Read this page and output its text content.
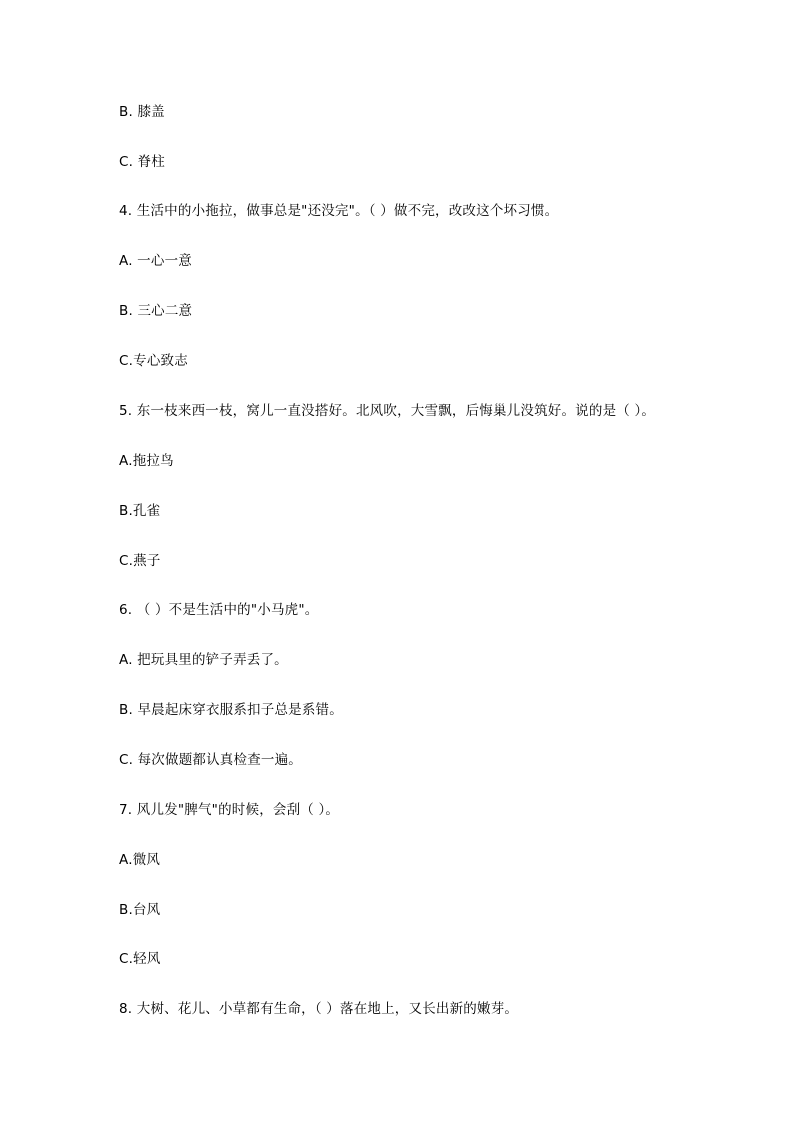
B. 膝盖
C. 脊柱
4. 生活中的小拖拉，做事总是"还没完"。（ ）做不完，改改这个坏习惯。
A. 一心一意
B. 三心二意
C.专心致志
5. 东一枝来西一枝，窝儿一直没搭好。北风吹，大雪飘，后悔巢儿没筑好。说的是（ ）。
A.拖拉鸟
B.孔雀
C.燕子
6. （ ）不是生活中的"小马虎"。
A. 把玩具里的铲子弄丢了。
B. 早晨起床穿衣服系扣子总是系错。
C. 每次做题都认真检查一遍。
7. 风儿发"脾气"的时候，会刮（ ）。
A.微风
B.台风
C.轻风
8. 大树、花儿、小草都有生命，（ ）落在地上，又长出新的嫩芽。
